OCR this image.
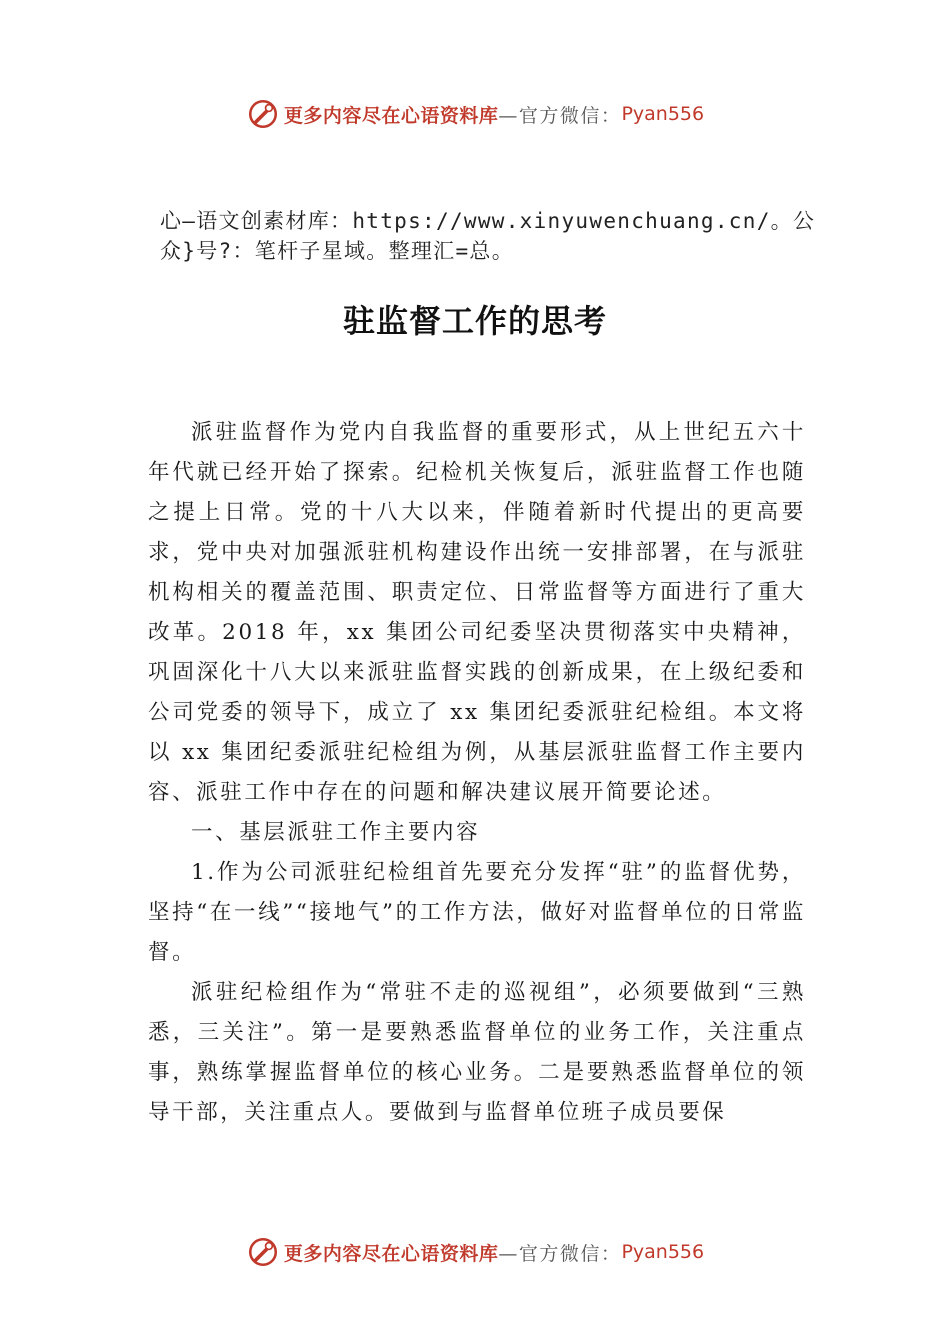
更多内容尽在心语资料库 —官方微信： Pyan556
心—语文创素材库：https://www.xinyuwenchuang.cn/。公众}号?：笔杆子星域。整理汇=总。
驻监督工作的思考

派驻监督作为党内自我监督的重要形式，从上世纪五六十年代就已经开始了探索。纪检机关恢复后，派驻监督工作也随之提上日常。党的十八大以来，伴随着新时代提出的更高要求，党中央对加强派驻机构建设作出统一安排部署，在与派驻机构相关的覆盖范围、职责定位、日常监督等方面进行了重大改革。2018 年，xx 集团公司纪委坚决贯彻落实中央精神，巩固深化十八大以来派驻监督实践的创新成果，在上级纪委和公司党委的领导下，成立了 xx 集团纪委派驻纪检组。本文将以 xx 集团纪委派驻纪检组为例，从基层派驻监督工作主要内容、派驻工作中存在的问题和解决建议展开简要论述。

一、基层派驻工作主要内容

1.作为公司派驻纪检组首先要充分发挥“驻”的监督优势，坚持“在一线”“接地气”的工作方法，做好对监督单位的日常监督。

派驻纪检组作为“常驻不走的巡视组”，必须要做到“三熟悉，三关注”。第一是要熟悉监督单位的业务工作，关注重点事，熟练掌握监督单位的核心业务。二是要熟悉监督单位的领导干部，关注重点人。要做到与监督单位班子成员要保

更多内容尽在心语资料库 —官方微信： Pyan556
